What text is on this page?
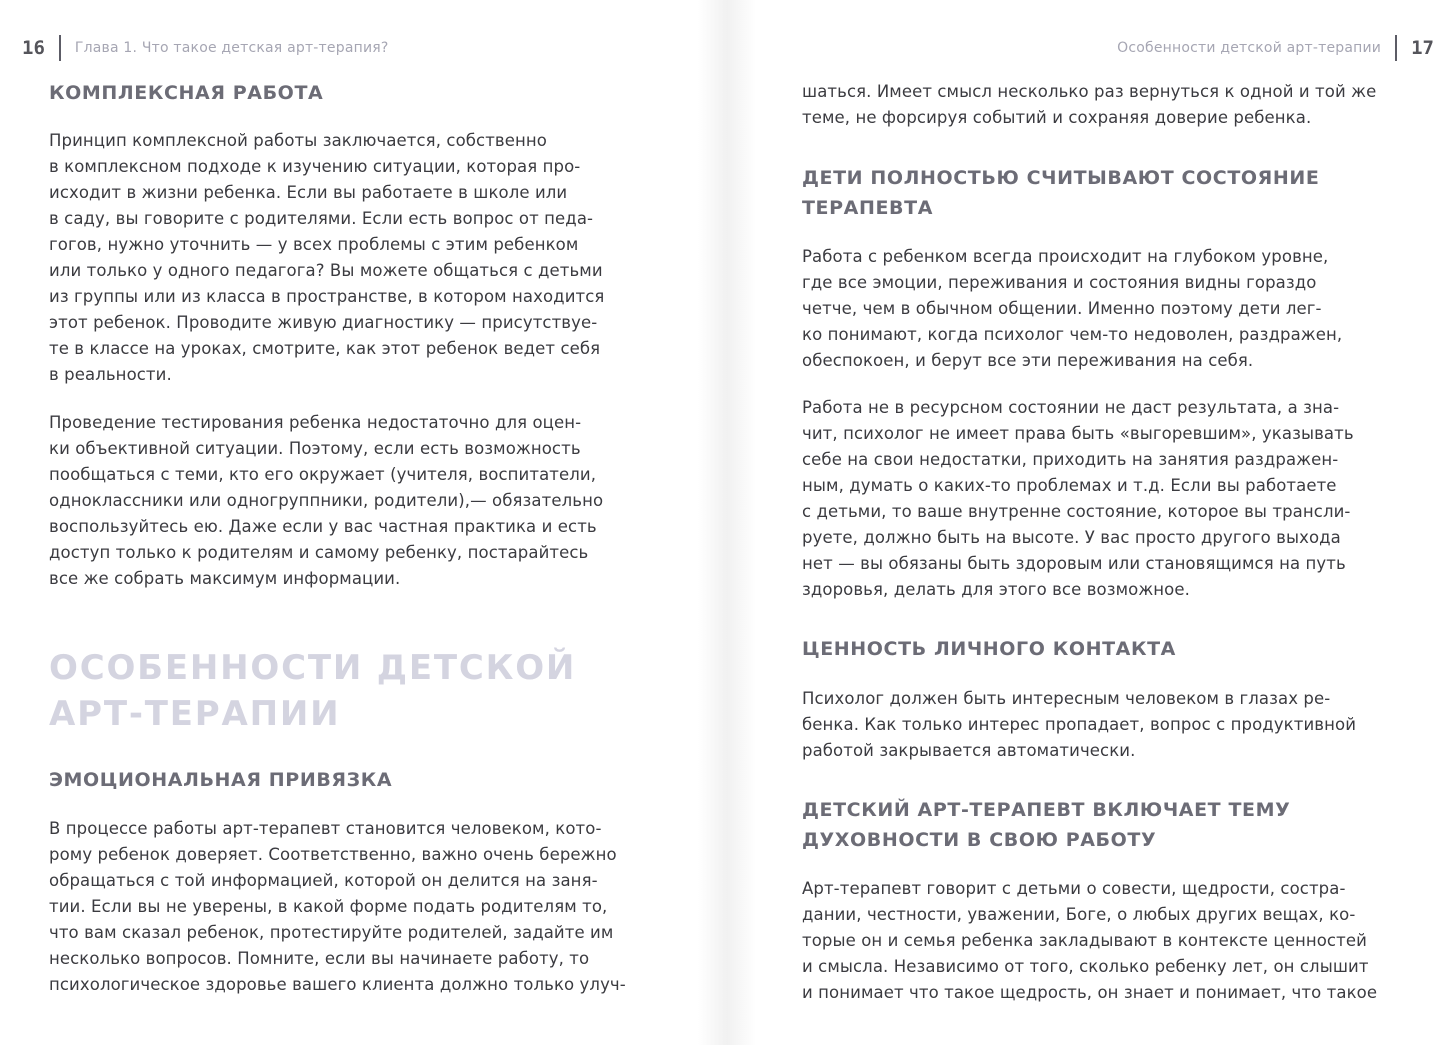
16 Глава 1. Что такое детская арт-терапия?	Особенности детской арт-терапии 17
КОМПЛЕКСНАЯ РАБОТА

Принцип комплексной работы заключается, собственно
в комплексном подходе к изучению ситуации, которая про-
исходит в жизни ребенка. Если вы работаете в школе или
в саду, вы говорите с родителями. Если есть вопрос от педа-
гогов, нужно уточнить — у всех проблемы с этим ребенком
или только у одного педагога? Вы можете общаться с детьми
из группы или из класса в пространстве, в котором находится
этот ребенок. Проводите живую диагностику — присутствуе-
те в классе на уроках, смотрите, как этот ребенок ведет себя
в реальности.

Проведение тестирования ребенка недостаточно для оцен-
ки объективной ситуации. Поэтому, если есть возможность
пообщаться с теми, кто его окружает (учителя, воспитатели,
одноклассники или одногруппники, родители),— обязательно
воспользуйтесь ею. Даже если у вас частная практика и есть
доступ только к родителям и самому ребенку, постарайтесь
все же собрать максимум информации.

ОСОБЕННОСТИ ДЕТСКОЙ
АРТ-ТЕРАПИИ
ЭМОЦИОНАЛЬНАЯ ПРИВЯЗКА

В процессе работы арт-терапевт становится человеком, кото-
рому ребенок доверяет. Соответственно, важно очень бережно
обращаться с той информацией, которой он делится на заня-
тии. Если вы не уверены, в какой форме подать родителям то,
что вам сказал ребенок, протестируйте родителей, задайте им
несколько вопросов. Помните, если вы начинаете работу, то
психологическое здоровье вашего клиента должно только улуч-

шаться. Имеет смысл несколько раз вернуться к одной и той же
теме, не форсируя событий и сохраняя доверие ребенка.

ДЕТИ ПОЛНОСТЬЮ СЧИТЫВАЮТ СОСТОЯНИЕ
ТЕРАПЕВТА

Работа с ребенком всегда происходит на глубоком уровне,
где все эмоции, переживания и состояния видны гораздо
четче, чем в обычном общении. Именно поэтому дети лег-
ко понимают, когда психолог чем-то недоволен, раздражен,
обеспокоен, и берут все эти переживания на себя.

Работа не в ресурсном состоянии не даст результата, а зна-
чит, психолог не имеет права быть «выгоревшим», указывать
себе на свои недостатки, приходить на занятия раздражен-
ным, думать о каких-то проблемах и т.д. Если вы работаете
с детьми, то ваше внутренне состояние, которое вы трансли-
руете, должно быть на высоте. У вас просто другого выхода
нет — вы обязаны быть здоровым или становящимся на путь
здоровья, делать для этого все возможное.

ЦЕННОСТЬ ЛИЧНОГО КОНТАКТА

Психолог должен быть интересным человеком в глазах ре-
бенка. Как только интерес пропадает, вопрос с продуктивной
работой закрывается автоматически.

ДЕТСКИЙ АРТ-ТЕРАПЕВТ ВКЛЮЧАЕТ ТЕМУ
ДУХОВНОСТИ В СВОЮ РАБОТУ

Арт-терапевт говорит с детьми о совести, щедрости, состра-
дании, честности, уважении, Боге, о любых других вещах, ко-
торые он и семья ребенка закладывают в контексте ценностей
и смысла. Независимо от того, сколько ребенку лет, он слышит
и понимает что такое щедрость, он знает и понимает, что такое
